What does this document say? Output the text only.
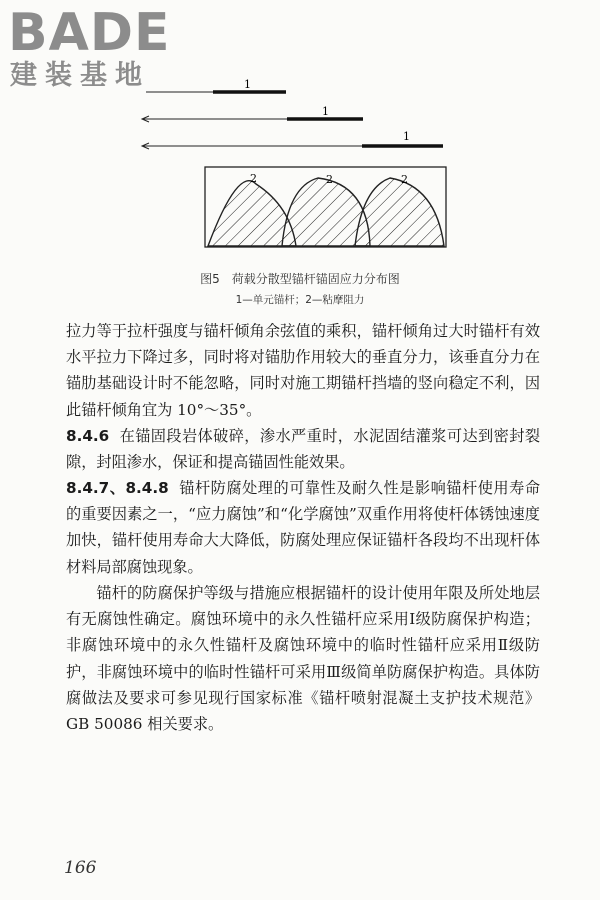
BADE
建装基地	1
1
1
2	2	2
图5　荷载分散型锚杆锚固应力分布图
1—单元锚杆；2—粘摩阻力

拉力等于拉杆强度与锚杆倾角余弦值的乘积，锚杆倾角过大时锚杆有效水平拉力下降过多，同时将对锚肋作用较大的垂直分力，该垂直分力在锚肋基础设计时不能忽略，同时对施工期锚杆挡墙的竖向稳定不利，因此锚杆倾角宜为 10°～35°。

8.4.6 在锚固段岩体破碎，渗水严重时，水泥固结灌浆可达到密封裂隙，封阻渗水，保证和提高锚固性能效果。

8.4.7、8.4.8 锚杆防腐处理的可靠性及耐久性是影响锚杆使用寿命的重要因素之一，“应力腐蚀”和“化学腐蚀”双重作用将使杆体锈蚀速度加快，锚杆使用寿命大大降低，防腐处理应保证锚杆各段均不出现杆体材料局部腐蚀现象。

锚杆的防腐保护等级与措施应根据锚杆的设计使用年限及所处地层有无腐蚀性确定。腐蚀环境中的永久性锚杆应采用Ⅰ级防腐保护构造；非腐蚀环境中的永久性锚杆及腐蚀环境中的临时性锚杆应采用Ⅱ级防护，非腐蚀环境中的临时性锚杆可采用Ⅲ级简单防腐保护构造。具体防腐做法及要求可参见现行国家标准《锚杆喷射混凝土支护技术规范》GB 50086 相关要求。

166
